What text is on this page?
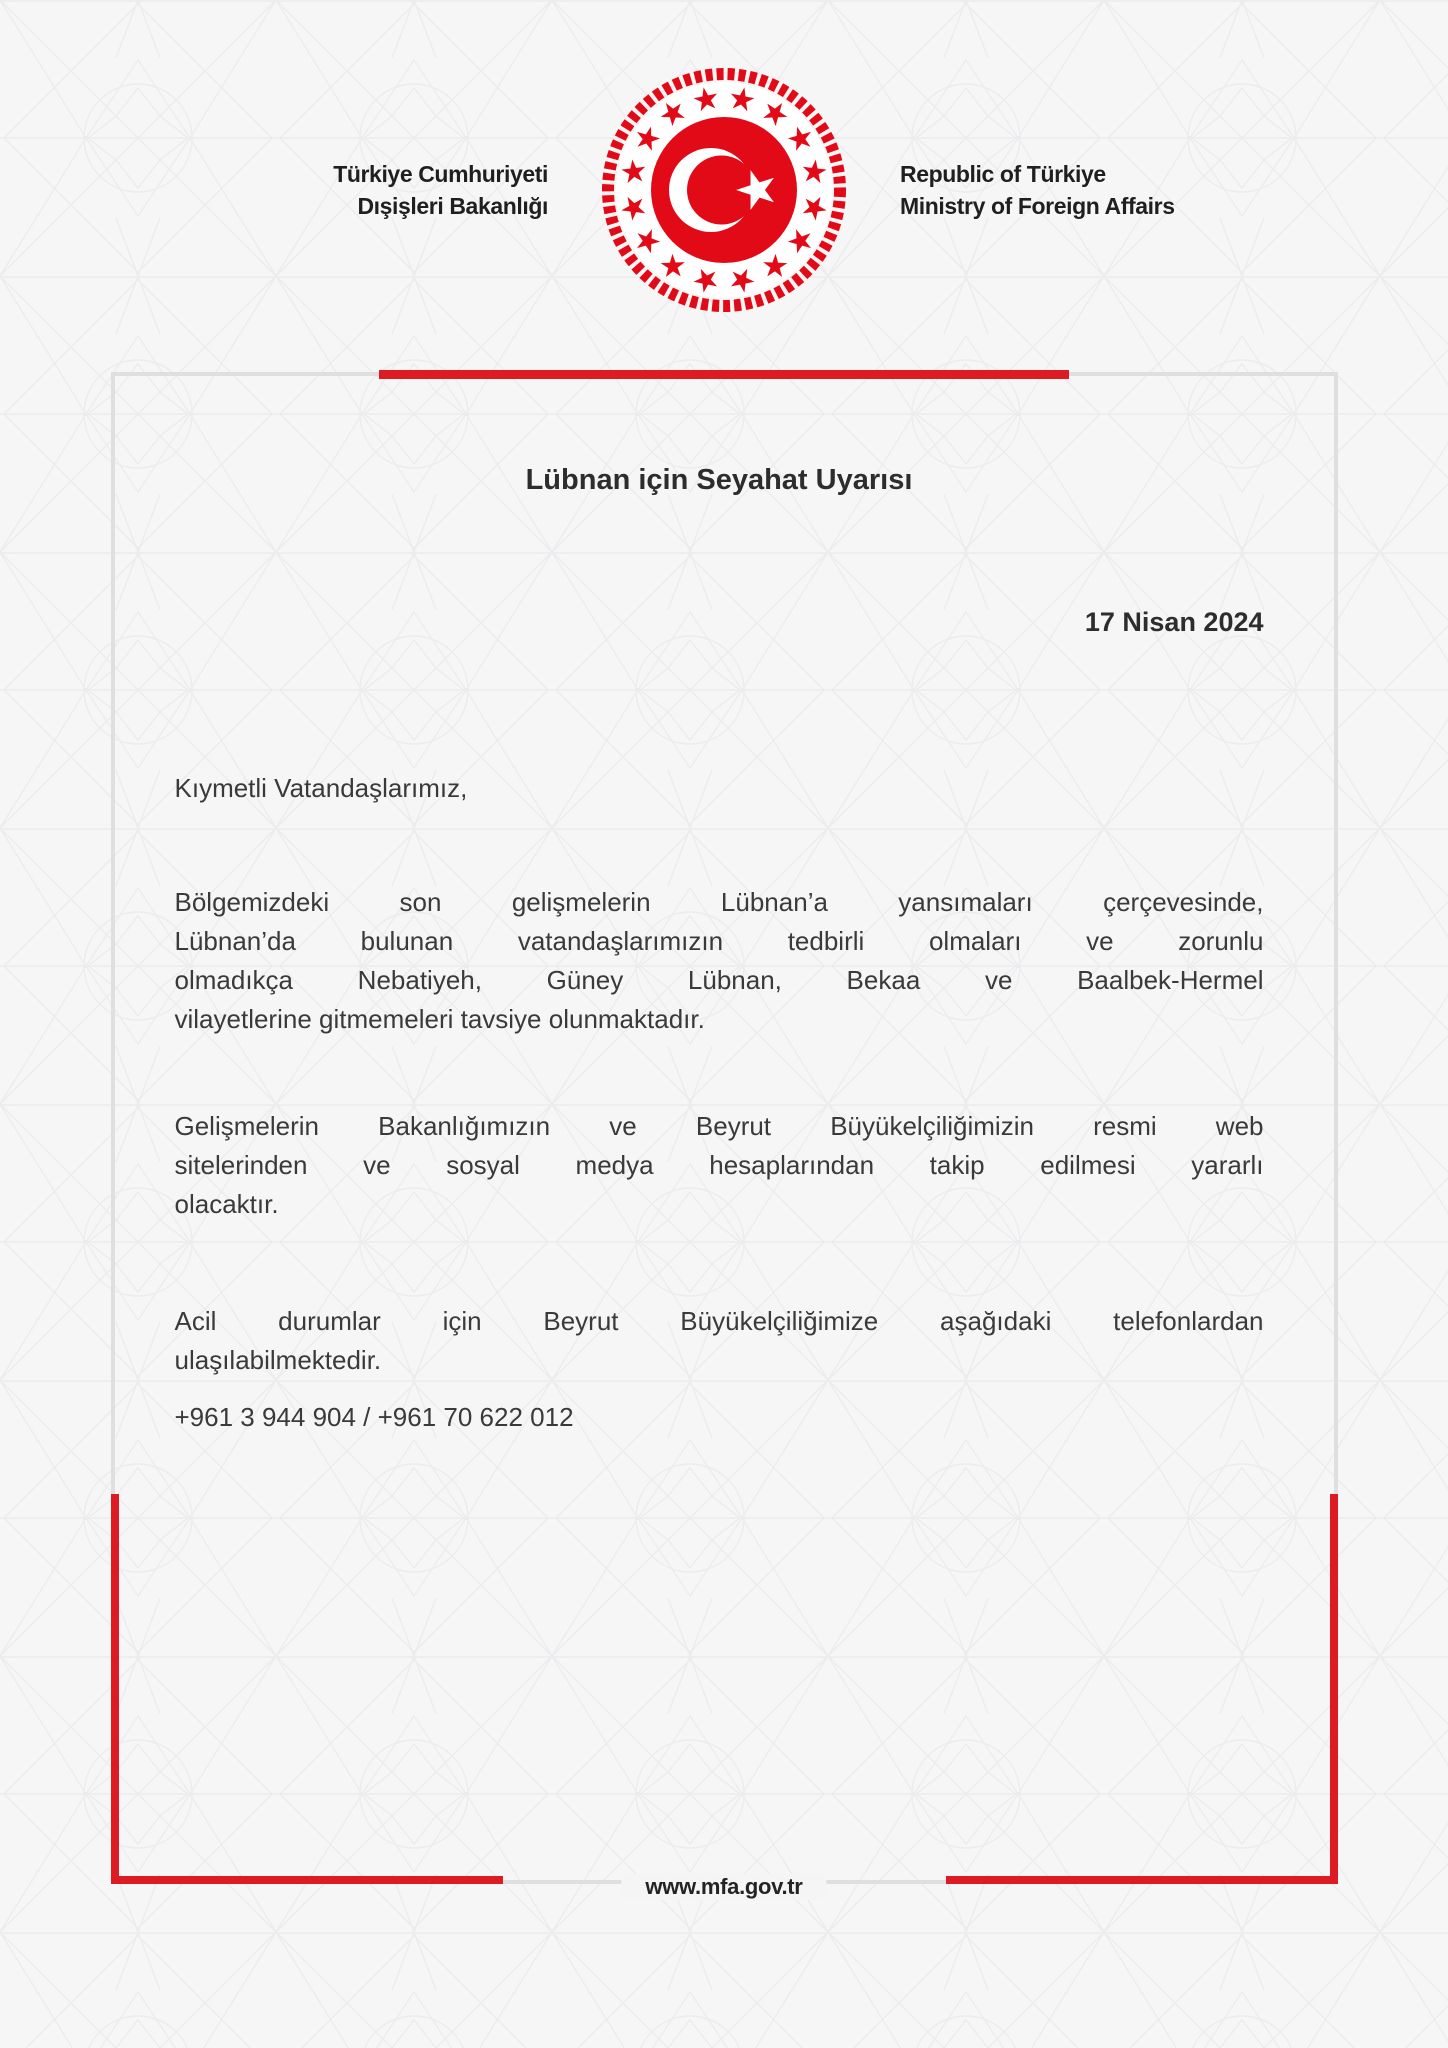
Türkiye Cumhuriyeti
Dışişleri Bakanlığı
Republic of Türkiye
Ministry of Foreign Affairs
Lübnan için Seyahat Uyarısı
17 Nisan 2024

Kıymetli Vatandaşlarımız,

Bölgemizdeki son gelişmelerin Lübnan’a yansımaları çerçevesinde,
Lübnan’da bulunan vatandaşlarımızın tedbirli olmaları ve zorunlu
olmadıkça Nebatiyeh, Güney Lübnan, Bekaa ve Baalbek-Hermel
vilayetlerine gitmemeleri tavsiye olunmaktadır.

Gelişmelerin Bakanlığımızın ve Beyrut Büyükelçiliğimizin resmi web
sitelerinden ve sosyal medya hesaplarından takip edilmesi yararlı
olacaktır.

Acil durumlar için Beyrut Büyükelçiliğimize aşağıdaki telefonlardan
ulaşılabilmektedir.

+961 3 944 904 / +961 70 622 012

www.mfa.gov.tr
